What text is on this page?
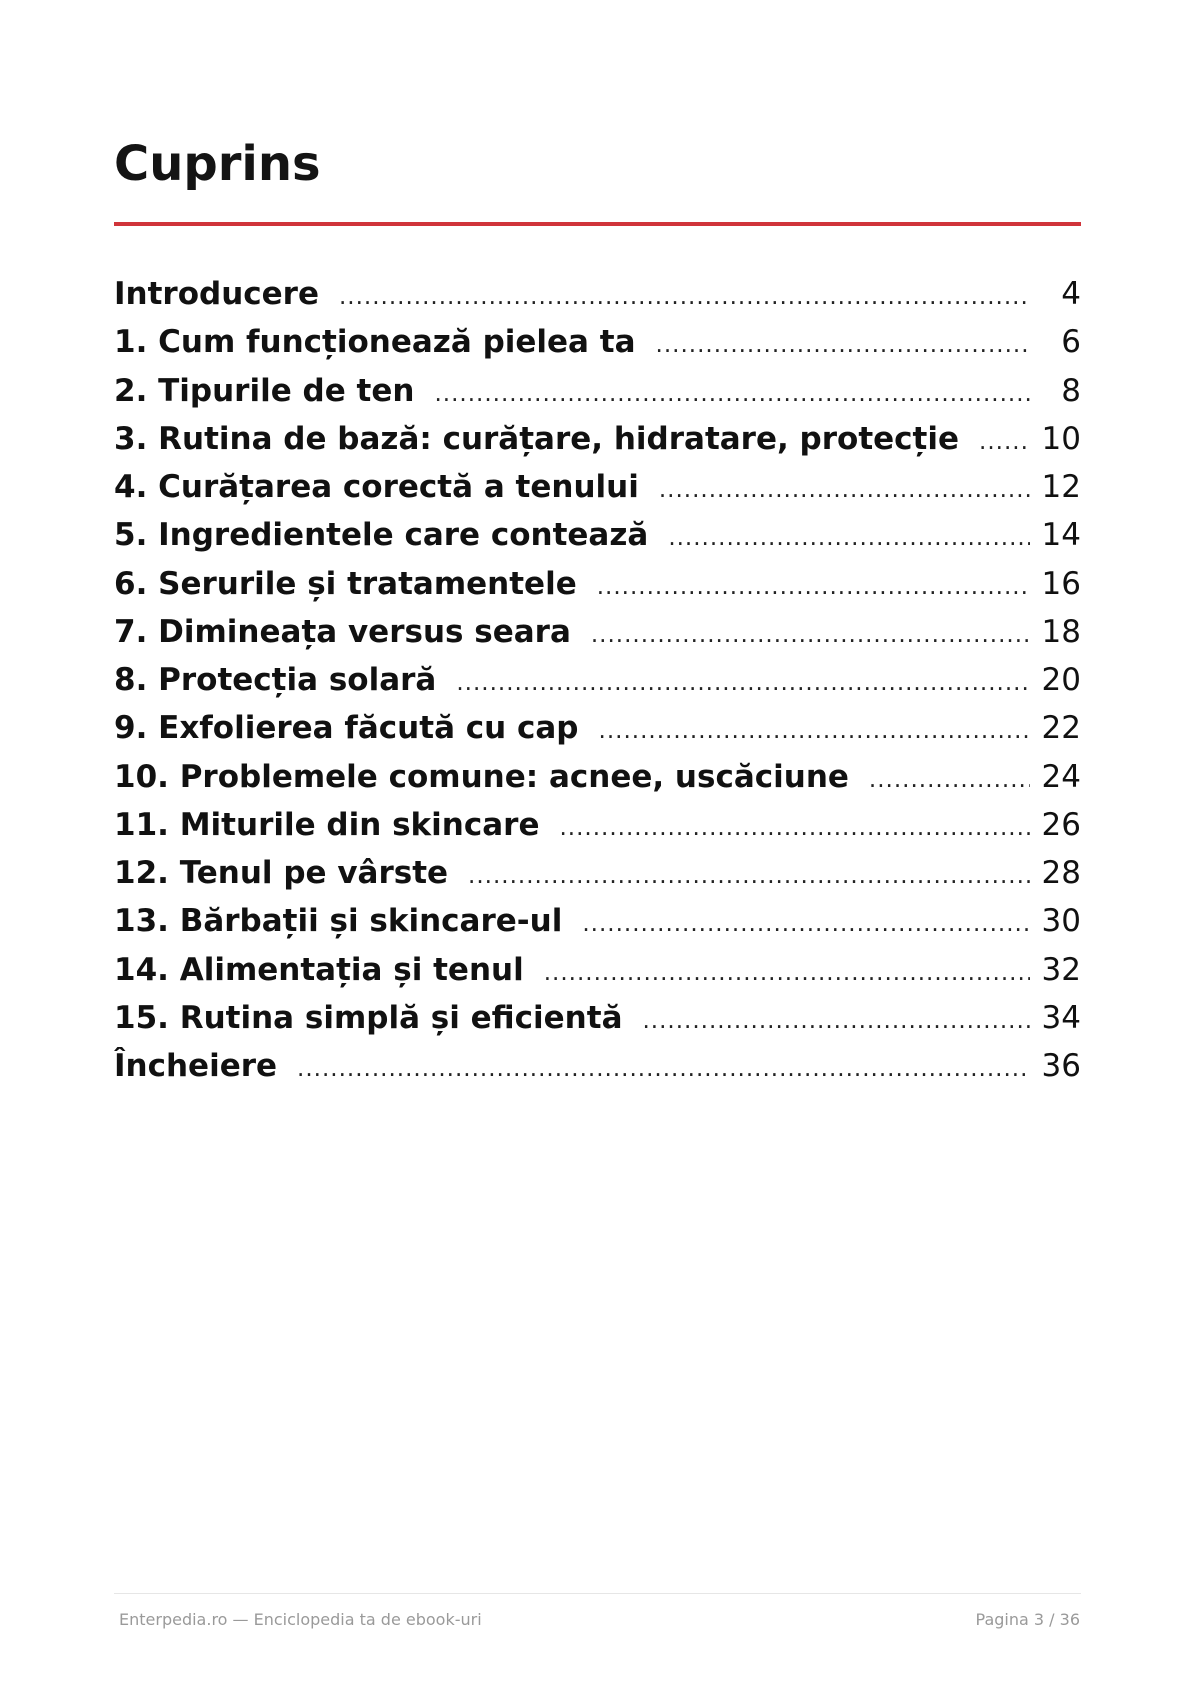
Cuprins
Introducere .....	4
1. Cum funcționează pielea ta .....	6
2. Tipurile de ten .....	8
3. Rutina de bază: curățare, hidratare, protecție .....	10
4. Curățarea corectă a tenului .....	12
5. Ingredientele care contează .....	14
6. Serurile și tratamentele .....	16
7. Dimineața versus seara .....	18
8. Protecția solară .....	20
9. Exfolierea făcută cu cap .....	22
10. Problemele comune: acnee, uscăciune .....	24
11. Miturile din skincare .....	26
12. Tenul pe vârste .....	28
13. Bărbații și skincare-ul .....	30
14. Alimentația și tenul .....	32
15. Rutina simplă și eficientă .....	34
Încheiere .....	36
Enterpedia.ro — Enciclopedia ta de ebook-uri	Pagina 3 / 36
